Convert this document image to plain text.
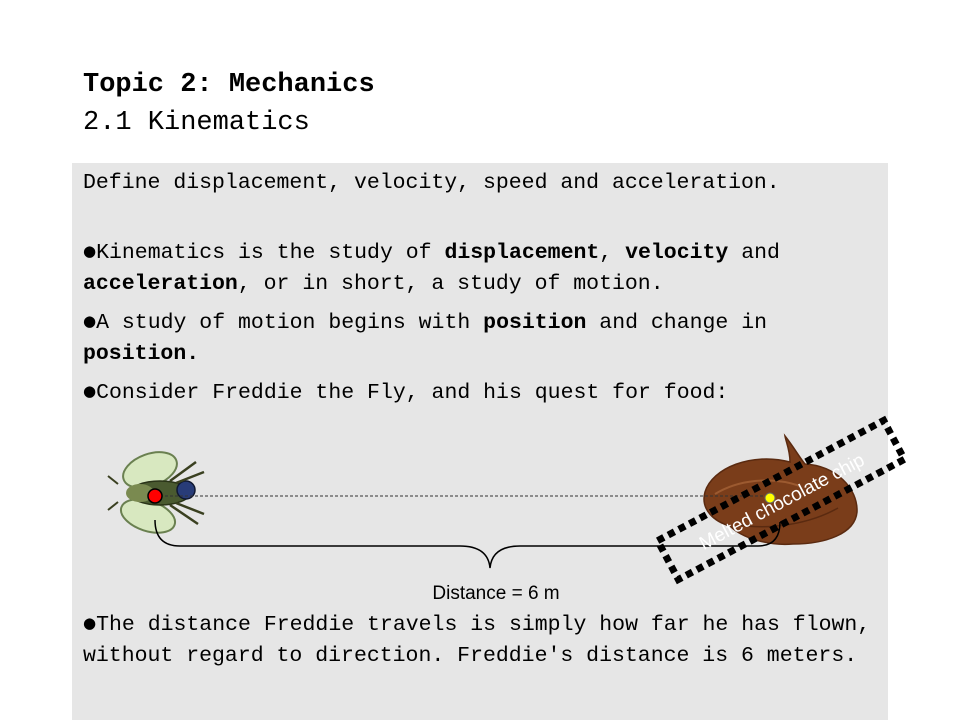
Topic 2: Mechanics
2.1 Kinematics

Define displacement, velocity, speed and acceleration.

●Kinematics is the study of displacement, velocity and acceleration, or in short, a study of motion.

●A study of motion begins with position and change in position.

●Consider Freddie the Fly, and his quest for food:

●The distance Freddie travels is simply how far he has flown, without regard to direction. Freddie's distance is 6 meters.

Distance = 6 m
Melted chocolate chip
